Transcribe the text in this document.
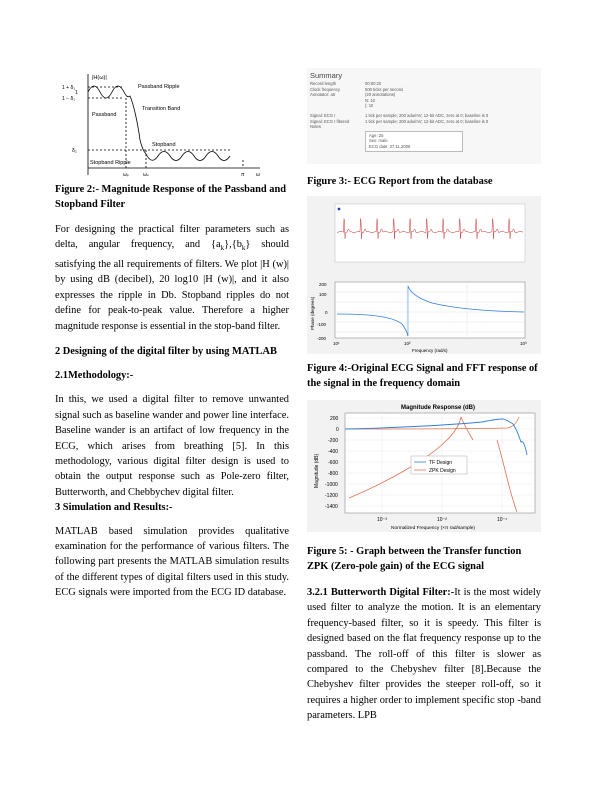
|H(ω)|
Passband Ripple
Transition Band
Passband
Stopband
Stopband Ripple
1 + δ₁
1
1 − δ₁
δ₂
ωₚ	ωₛ	π ω

Figure 2:- Magnitude Response of the Passband and Stopband Filter

For designing the practical filter parameters such as delta, angular frequency, and $\{a_k\},\{b_k\}$ should satisfying the all requirements of filters. We plot |H (w)| by using dB (decibel), 20 log10 |H (w)|, and it also expresses the ripple in Db. Stopband ripples do not define for peak-to-peak value. Therefore a higher magnitude response is essential in the stop-band filter.

2 Designing of the digital filter by using MATLAB

2.1Methodology:-

In this, we used a digital filter to remove unwanted signal such as baseline wander and power line interface. Baseline wander is an artifact of low frequency in the ECG, which arises from breathing [5]. In this methodology, various digital filter design is used to obtain the output response such as Pole-zero filter, Butterworth, and Chebbychev digital filter.

3 Simulation and Results:-

MATLAB based simulation provides qualitative examination for the performance of various filters. The following part presents the MATLAB simulation results of the different types of digital filters used in this study. ECG signals were imported from the ECG ID database.

Summary
Record length	00:00:20
Clock frequency	500 ticks per second
Annotator: atr	(20 annotations)
N: 10
(: 10
Signal: ECG I	1 tick per sample; 200 adu/mV; 12-bit ADC, zero at 0; baseline is 0
Signal: ECG I filtered	1 tick per sample; 200 adu/mV; 12-bit ADC, zero at 0; baseline is 0
Notes
Age: 25
Sex: male
ECG date: 27.11.2006

Figure 3:- ECG Report from the database

200
100
0
-100
-200
Phase (degrees)
10¹	10²	10³
Frequency (rad/s)

Figure 4:-Original ECG Signal and FFT response of the signal in the frequency domain

Magnitude Response (dB)
TF Design
ZPK Design
200
0
-200
-400
-600
-800
-1000
-1200
-1400
Magnitude (dB)
10⁻³	10⁻²	10⁻¹
Normalized Frequency (×π rad/sample)

Figure 5: - Graph between the Transfer function ZPK (Zero-pole gain) of the ECG signal

3.2.1 Butterworth Digital Filter:-It is the most widely used filter to analyze the motion. It is an elementary frequency-based filter, so it is speedy. This filter is designed based on the flat frequency response up to the passband. The roll-off of this filter is slower as compared to the Chebyshev filter [8].Because the Chebyshev filter provides the steeper roll-off, so it requires a higher order to implement specific stop -band parameters. LPB
